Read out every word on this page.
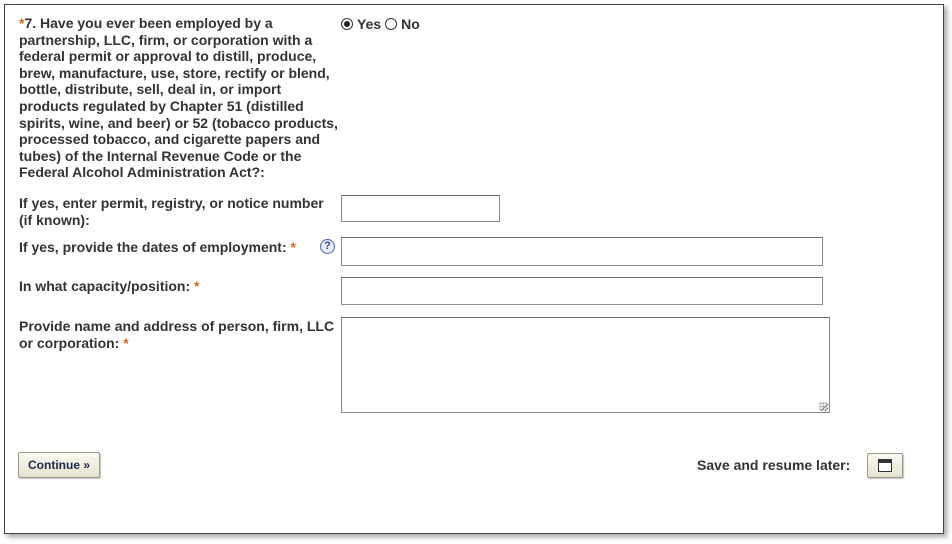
*7. Have you ever been employed by a partnership, LLC, firm, or corporation with a federal permit or approval to distill, produce, brew, manufacture, use, store, rectify or blend, bottle, distribute, sell, deal in, or import products regulated by Chapter 51 (distilled spirits, wine, and beer) or 52 (tobacco products, processed tobacco, and cigarette papers and tubes) of the Internal Revenue Code or the Federal Alcohol Administration Act?:
Yes No
If yes, enter permit, registry, or notice number (if known):
If yes, provide the dates of employment: *	?
In what capacity/position: *
Provide name and address of person, firm, LLC or corporation: *
Continue »	Save and resume later:
